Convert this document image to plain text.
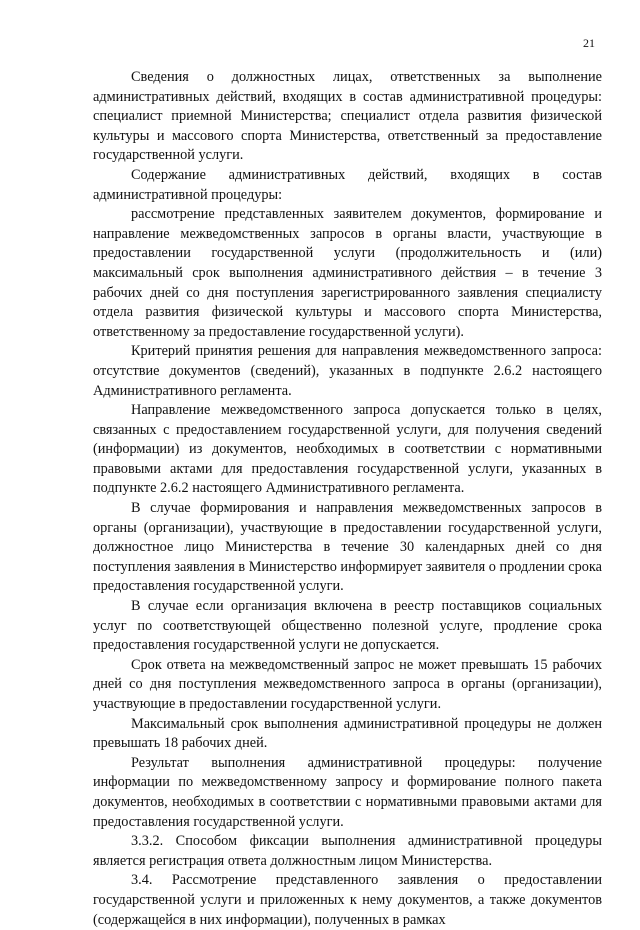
21

Сведения о должностных лицах, ответственных за выполнение административных действий, входящих в состав административной процедуры: специалист приемной Министерства; специалист отдела развития физической культуры и массового спорта Министерства, ответственный за предоставление государственной услуги.

Содержание административных действий, входящих в состав административной процедуры:

рассмотрение представленных заявителем документов, формирование и направление межведомственных запросов в органы власти, участвующие в предоставлении государственной услуги (продолжительность и (или) максимальный срок выполнения административного действия – в течение 3 рабочих дней со дня поступления зарегистрированного заявления специалисту отдела развития физической культуры и массового спорта Министерства, ответственному за предоставление государственной услуги).

Критерий принятия решения для направления межведомственного запроса: отсутствие документов (сведений), указанных в подпункте 2.6.2 настоящего Административного регламента.

Направление межведомственного запроса допускается только в целях, связанных с предоставлением государственной услуги, для получения сведений (информации) из документов, необходимых в соответствии с нормативными правовыми актами для предоставления государственной услуги, указанных в подпункте 2.6.2 настоящего Административного регламента.

В случае формирования и направления межведомственных запросов в органы (организации), участвующие в предоставлении государственной услуги, должностное лицо Министерства в течение 30 календарных дней со дня поступления заявления в Министерство информирует заявителя о продлении срока предоставления государственной услуги.

В случае если организация включена в реестр поставщиков социальных услуг по соответствующей общественно полезной услуге, продление срока предоставления государственной услуги не допускается.

Срок ответа на межведомственный запрос не может превышать 15 рабочих дней со дня поступления межведомственного запроса в органы (организации), участвующие в предоставлении государственной услуги.

Максимальный срок выполнения административной процедуры не должен превышать 18 рабочих дней.

Результат выполнения административной процедуры: получение информации по межведомственному запросу и формирование полного пакета документов, необходимых в соответствии с нормативными правовыми актами для предоставления государственной услуги.

3.3.2. Способом фиксации выполнения административной процедуры является регистрация ответа должностным лицом Министерства.

3.4. Рассмотрение представленного заявления о предоставлении государственной услуги и приложенных к нему документов, а также документов (содержащейся в них информации), полученных в рамках
